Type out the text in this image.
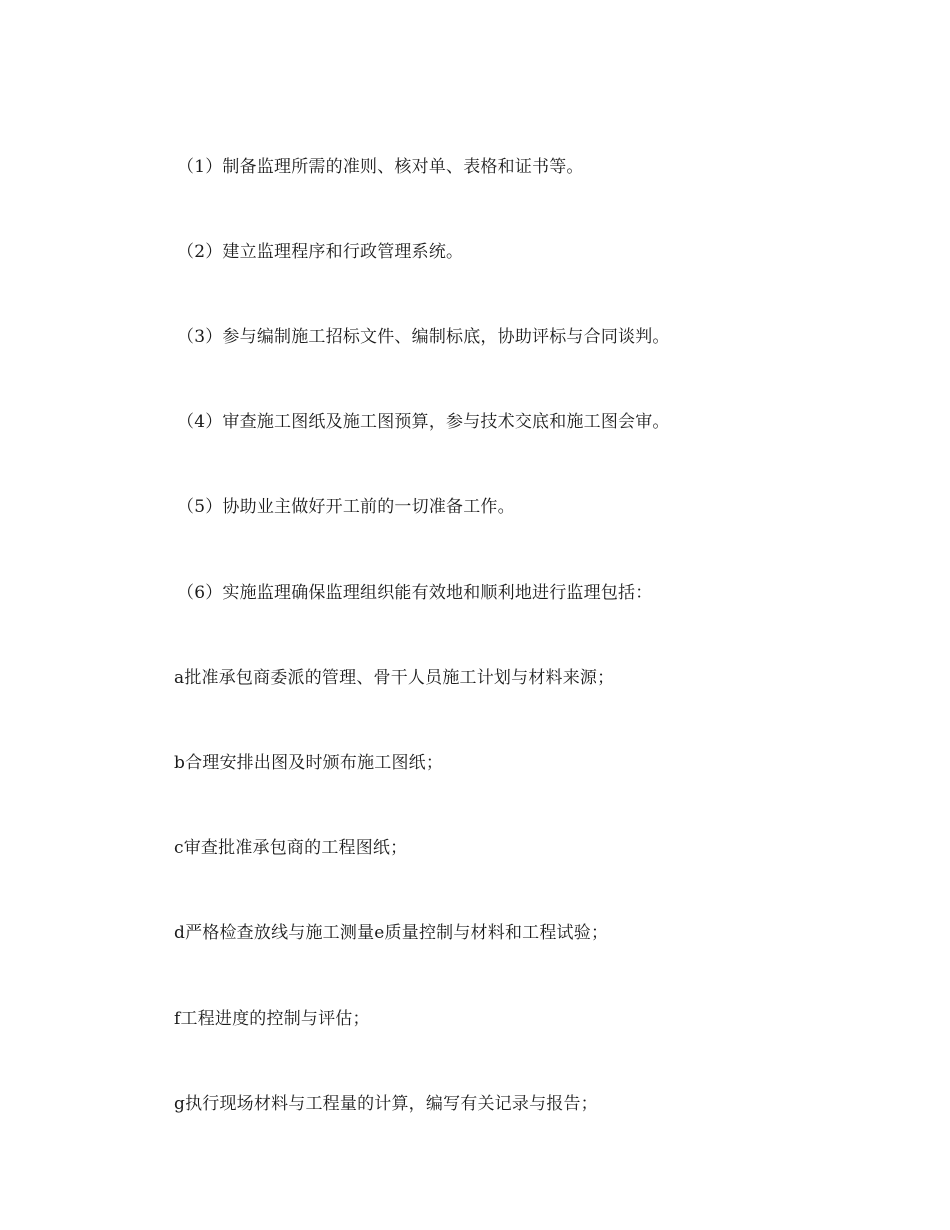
（1）制备监理所需的准则、核对单、表格和证书等。
（2）建立监理程序和行政管理系统。
（3）参与编制施工招标文件、编制标底，协助评标与合同谈判。
（4）审查施工图纸及施工图预算，参与技术交底和施工图会审。
（5）协助业主做好开工前的一切准备工作。
（6）实施监理确保监理组织能有效地和顺利地进行监理包括：
a批准承包商委派的管理、骨干人员施工计划与材料来源；
b合理安排出图及时颁布施工图纸；
c审查批准承包商的工程图纸；
d严格检查放线与施工测量e质量控制与材料和工程试验；
f工程进度的控制与评估；
g执行现场材料与工程量的计算，编写有关记录与报告；
